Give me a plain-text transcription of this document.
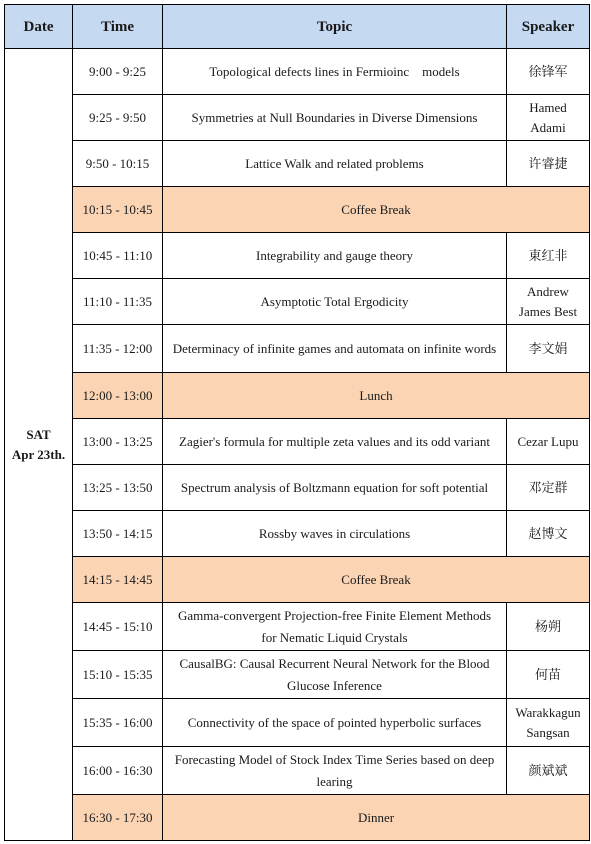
Date	Time	Topic	Speaker

SAT
Apr 23th.	9:00 - 9:25	Topological defects lines in Fermioinc    models	徐锋军
	9:25 - 9:50	Symmetries at Null Boundaries in Diverse Dimensions	Hamed Adami
	9:50 - 10:15	Lattice Walk and related problems	许睿捷
	10:15 - 10:45	Coffee Break	
	10:45 - 11:10	Integrability and gauge theory	東红非
	11:10 - 11:35	Asymptotic Total Ergodicity	Andrew James Best
	11:35 - 12:00	Determinacy of infinite games and automata on infinite words	李文娟
	12:00 - 13:00	Lunch	
	13:00 - 13:25	Zagier's formula for multiple zeta values and its odd variant	Cezar Lupu
	13:25 - 13:50	Spectrum analysis of Boltzmann equation for soft potential	邓定群
	13:50 - 14:15	Rossby waves in circulations	赵博文
	14:15 - 14:45	Coffee Break	
	14:45 - 15:10	Gamma-convergent Projection-free Finite Element Methods for Nematic Liquid Crystals	杨朔
	15:10 - 15:35	CausalBG: Causal Recurrent Neural Network for the Blood Glucose Inference	何苗
	15:35 - 16:00	Connectivity of the space of pointed hyperbolic surfaces	Warakkagun Sangsan
	16:00 - 16:30	Forecasting Model of Stock Index Time Series based on deep learing	颜斌斌
	16:30 - 17:30	Dinner	
